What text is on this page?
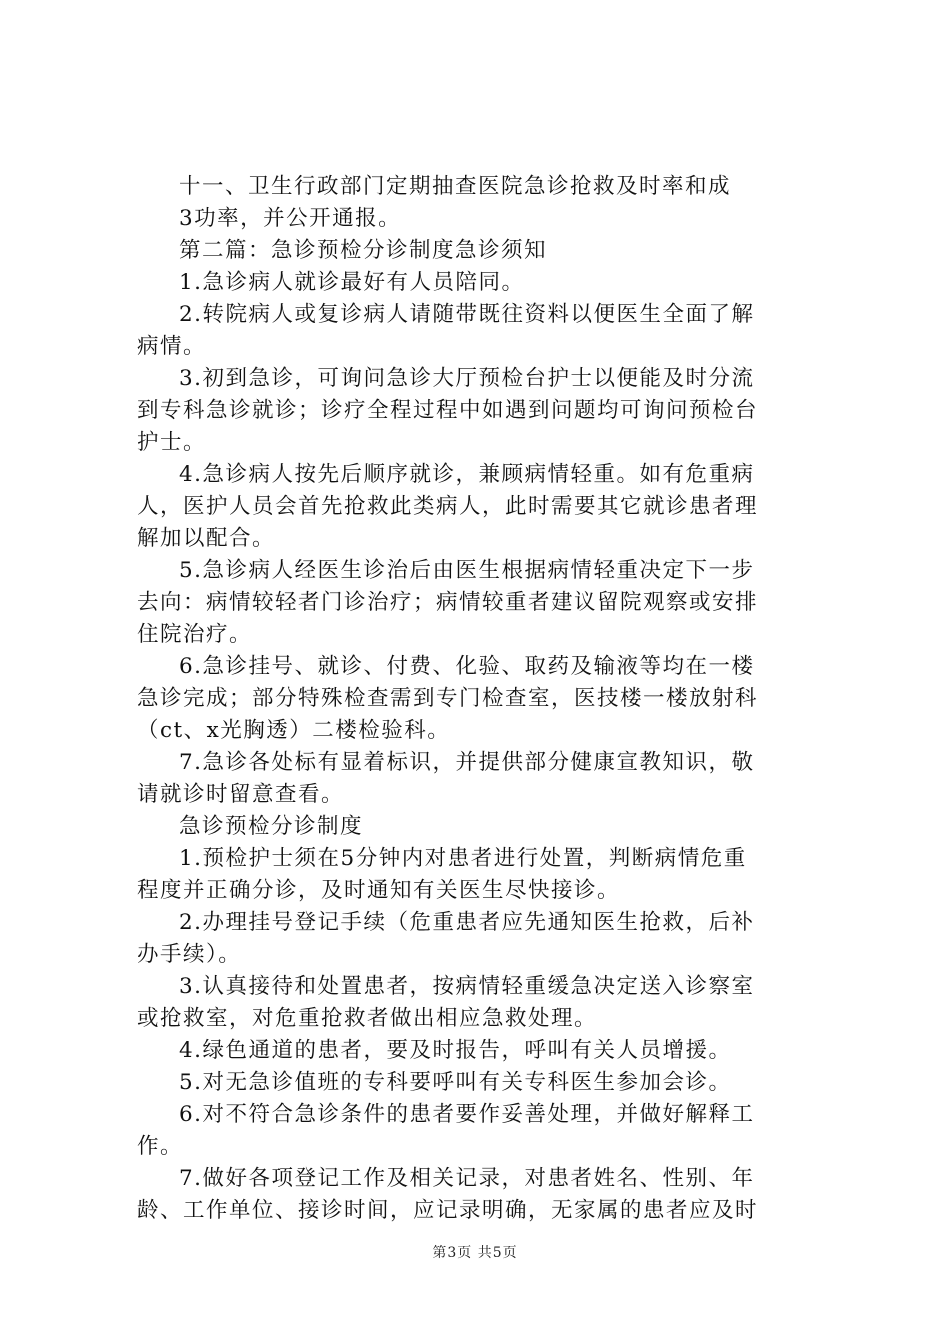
十一、卫生行政部门定期抽查医院急诊抢救及时率和成
3功率，并公开通报。
第二篇：急诊预检分诊制度急诊须知
1.急诊病人就诊最好有人员陪同。
2.转院病人或复诊病人请随带既往资料以便医生全面了解
病情。
3.初到急诊，可询问急诊大厅预检台护士以便能及时分流
到专科急诊就诊；诊疗全程过程中如遇到问题均可询问预检台
护士。
4.急诊病人按先后顺序就诊，兼顾病情轻重。如有危重病
人，医护人员会首先抢救此类病人，此时需要其它就诊患者理
解加以配合。
5.急诊病人经医生诊治后由医生根据病情轻重决定下一步
去向：病情较轻者门诊治疗；病情较重者建议留院观察或安排
住院治疗。
6.急诊挂号、就诊、付费、化验、取药及输液等均在一楼
急诊完成；部分特殊检查需到专门检查室，医技楼一楼放射科
（ct、x光胸透）二楼检验科。
7.急诊各处标有显着标识，并提供部分健康宣教知识，敬
请就诊时留意查看。
急诊预检分诊制度
1.预检护士须在5分钟内对患者进行处置，判断病情危重
程度并正确分诊，及时通知有关医生尽快接诊。
2.办理挂号登记手续（危重患者应先通知医生抢救，后补
办手续）。
3.认真接待和处置患者，按病情轻重缓急决定送入诊察室
或抢救室，对危重抢救者做出相应急救处理。
4.绿色通道的患者，要及时报告，呼叫有关人员增援。
5.对无急诊值班的专科要呼叫有关专科医生参加会诊。
6.对不符合急诊条件的患者要作妥善处理，并做好解释工
作。
7.做好各项登记工作及相关记录，对患者姓名、性别、年
龄、工作单位、接诊时间，应记录明确，无家属的患者应及时
第3页 共5页
